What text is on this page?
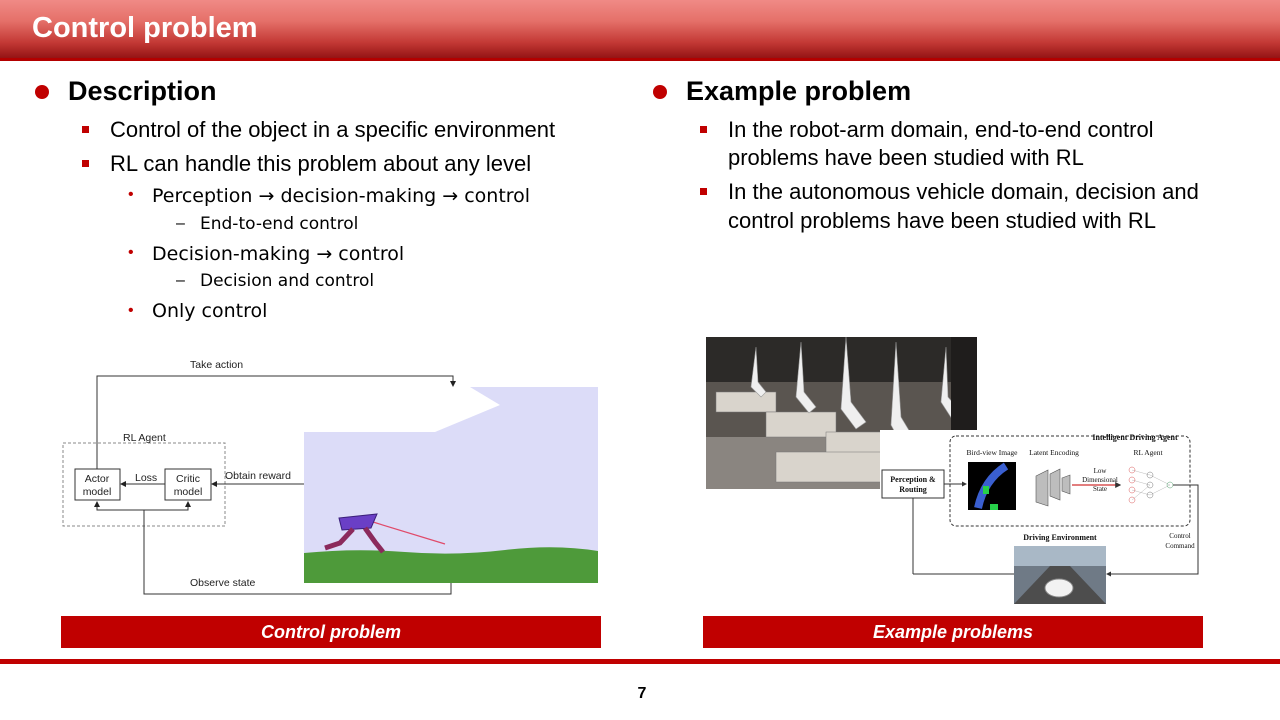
Control problem
Description
Control of the object in a specific environment
RL can handle this problem about any level
• Perception → decision-making → control
– End-to-end control
• Decision-making → control
– Decision and control
• Only control
RL Agent
Actor
model
Critic
model
Loss
Take action
Obtain reward
Observe state
Control problem
Example problem
In the robot-arm domain, end-to-end control
problems have been studied with RL
In the autonomous vehicle domain, decision and
control problems have been studied with RL
Intelligent Driving Agent
Perception &
Routing
Bird-view Image Latent Encoding
Low
Dimensional
State
RL Agent
Control
Command
Driving Environment
Example problems
7
